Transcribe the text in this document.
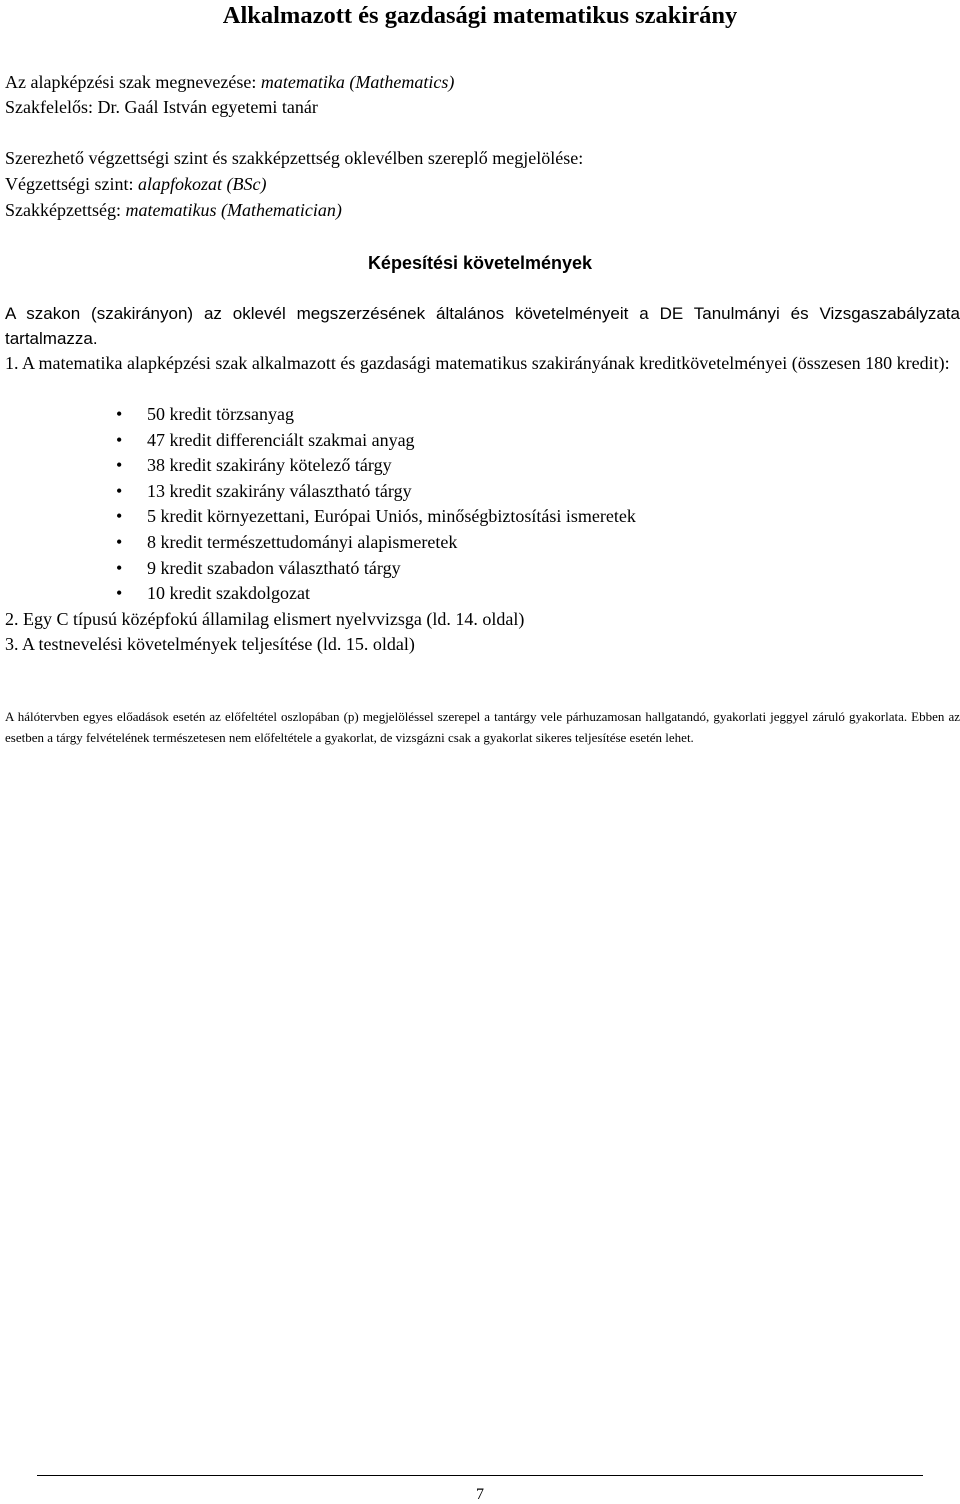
Alkalmazott és gazdasági matematikus szakirány
Az alapképzési szak megnevezése: matematika (Mathematics)
Szakfelelős: Dr. Gaál István egyetemi tanár
Szerezhető végzettségi szint és szakképzettség oklevélben szereplő megjelölése:
Végzettségi szint: alapfokozat (BSc)
Szakképzettség: matematikus (Mathematician)
Képesítési követelmények
A szakon (szakirányon) az oklevél megszerzésének általános követelményeit a DE Tanulmányi és Vizsgaszabályzata tartalmazza.
1. A matematika alapképzési szak alkalmazott és gazdasági matematikus szakirányának kreditkövetelményei (összesen 180 kredit):
• 50 kredit törzsanyag
• 47 kredit differenciált szakmai anyag
• 38 kredit szakirány kötelező tárgy
• 13 kredit szakirány választható tárgy
• 5 kredit környezettani, Európai Uniós, minőségbiztosítási ismeretek
• 8 kredit természettudományi alapismeretek
• 9 kredit szabadon választható tárgy
• 10 kredit szakdolgozat
2. Egy C típusú középfokú államilag elismert nyelvvizsga (ld. 14. oldal)
3. A testnevelési követelmények teljesítése (ld. 15. oldal)
A hálótervben egyes előadások esetén az előfeltétel oszlopában (p) megjelöléssel szerepel a tantárgy vele párhuzamosan hallgatandó, gyakorlati jeggyel záruló gyakorlata. Ebben az esetben a tárgy felvételének természetesen nem előfeltétele a gyakorlat, de vizsgázni csak a gyakorlat sikeres teljesítése esetén lehet.
7
